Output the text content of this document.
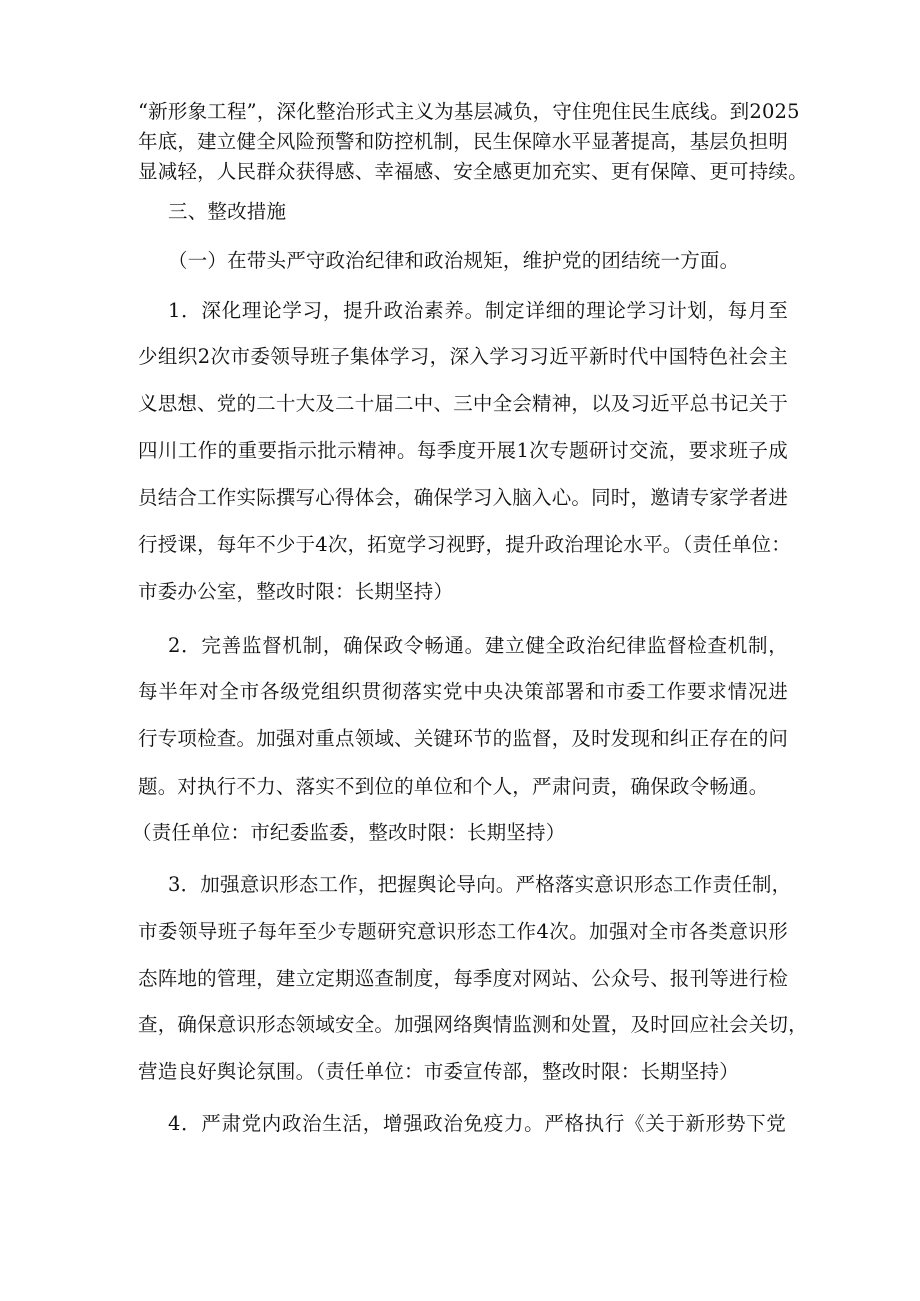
“新形象工程”，深化整治形式主义为基层减负，守住兜住民生底线。到2025
年底，建立健全风险预警和防控机制，民生保障水平显著提高，基层负担明
显减轻，人民群众获得感、幸福感、安全感更加充实、更有保障、更可持续。
三、整改措施
（一）在带头严守政治纪律和政治规矩，维护党的团结统一方面。
1．深化理论学习，提升政治素养。制定详细的理论学习计划，每月至
少组织2次市委领导班子集体学习，深入学习习近平新时代中国特色社会主
义思想、党的二十大及二十届二中、三中全会精神，以及习近平总书记关于
四川工作的重要指示批示精神。每季度开展1次专题研讨交流，要求班子成
员结合工作实际撰写心得体会，确保学习入脑入心。同时，邀请专家学者进
行授课，每年不少于4次，拓宽学习视野，提升政治理论水平。（责任单位：
市委办公室，整改时限：长期坚持）
2．完善监督机制，确保政令畅通。建立健全政治纪律监督检查机制，
每半年对全市各级党组织贯彻落实党中央决策部署和市委工作要求情况进
行专项检查。加强对重点领域、关键环节的监督，及时发现和纠正存在的问
题。对执行不力、落实不到位的单位和个人，严肃问责，确保政令畅通。
（责任单位：市纪委监委，整改时限：长期坚持）
3．加强意识形态工作，把握舆论导向。严格落实意识形态工作责任制，
市委领导班子每年至少专题研究意识形态工作4次。加强对全市各类意识形
态阵地的管理，建立定期巡查制度，每季度对网站、公众号、报刊等进行检
查，确保意识形态领域安全。加强网络舆情监测和处置，及时回应社会关切，
营造良好舆论氛围。（责任单位：市委宣传部，整改时限：长期坚持）
4．严肃党内政治生活，增强政治免疫力。严格执行《关于新形势下党
